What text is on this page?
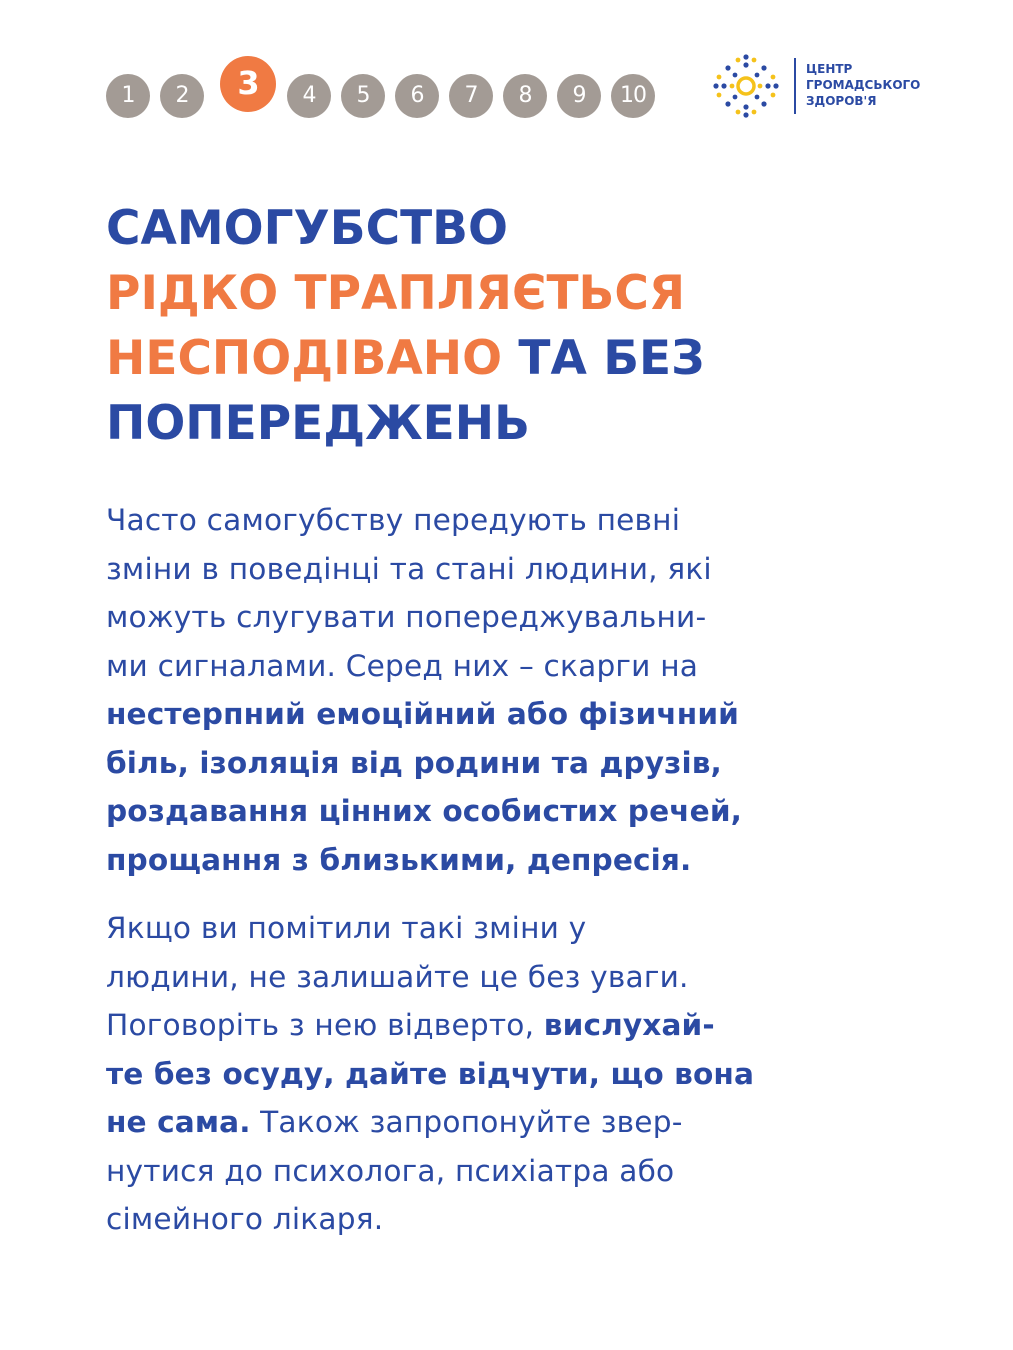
1	2	3	4	5	6	7	8	9	10
ЦЕНТР
ГРОМАДСЬКОГО
ЗДОРОВ'Я
САМОГУБСТВО
РІДКО ТРАПЛЯЄТЬСЯ
НЕСПОДІВАНО ТА БЕЗ
ПОПЕРЕДЖЕНЬ
Часто самогубству передують певні
зміни в поведінці та стані людини, які
можуть слугувати попереджувальни-
ми сигналами. Серед них – скарги на
нестерпний емоційний або фізичний
біль, ізоляція від родини та друзів,
роздавання цінних особистих речей,
прощання з близькими, депресія.
Якщо ви помітили такі зміни у
людини, не залишайте це без уваги.
Поговоріть з нею відверто, вислухай-
те без осуду, дайте відчути, що вона
не сама. Також запропонуйте звер-
нутися до психолога, психіатра або
сімейного лікаря.
